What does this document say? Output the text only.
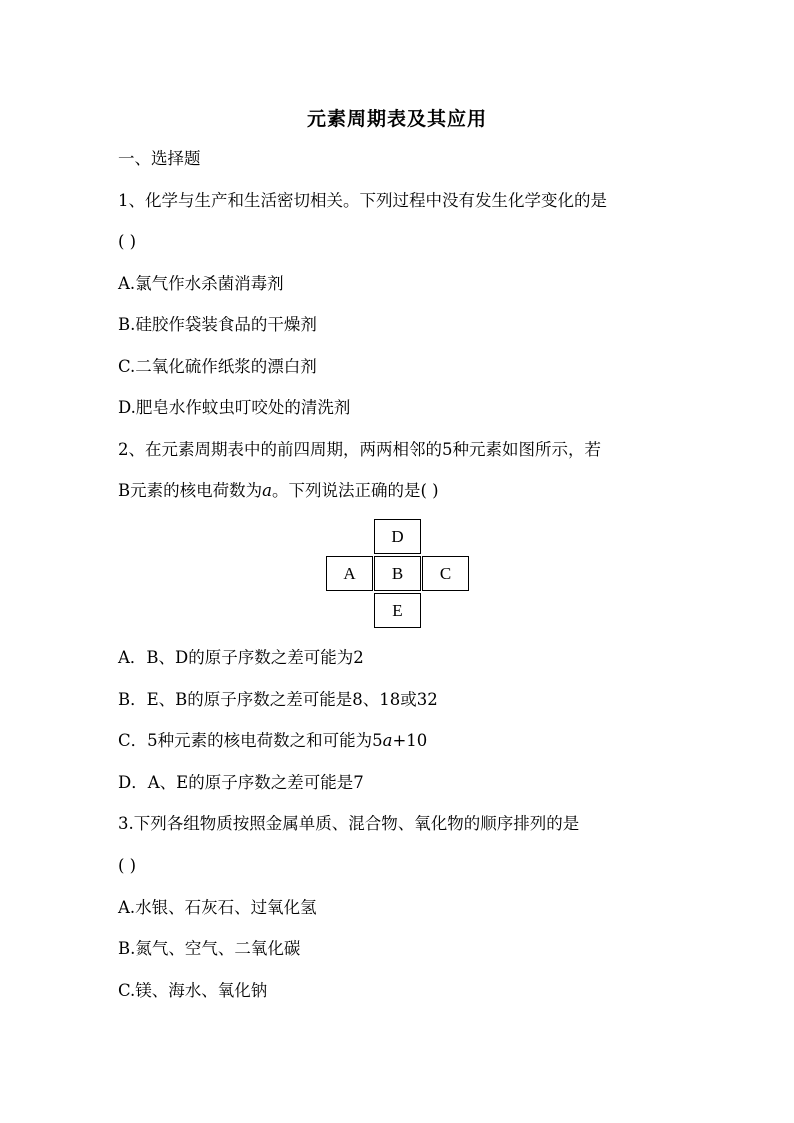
元素周期表及其应用
一、选择题
1、化学与生产和生活密切相关。下列过程中没有发生化学变化的是
( )
A.氯气作水杀菌消毒剂
B.硅胶作袋装食品的干燥剂
C.二氧化硫作纸浆的漂白剂
D.肥皂水作蚊虫叮咬处的清洗剂
2、在元素周期表中的前四周期，两两相邻的5种元素如图所示，若
B元素的核电荷数为a。下列说法正确的是( )
D
A	B	C
E
A．B、D的原子序数之差可能为2
B．E、B的原子序数之差可能是8、18或32
C．5种元素的核电荷数之和可能为5a+10
D．A、E的原子序数之差可能是7
3.下列各组物质按照金属单质、混合物、氧化物的顺序排列的是
( )
A.水银、石灰石、过氧化氢
B.氮气、空气、二氧化碳
C.镁、海水、氧化钠
